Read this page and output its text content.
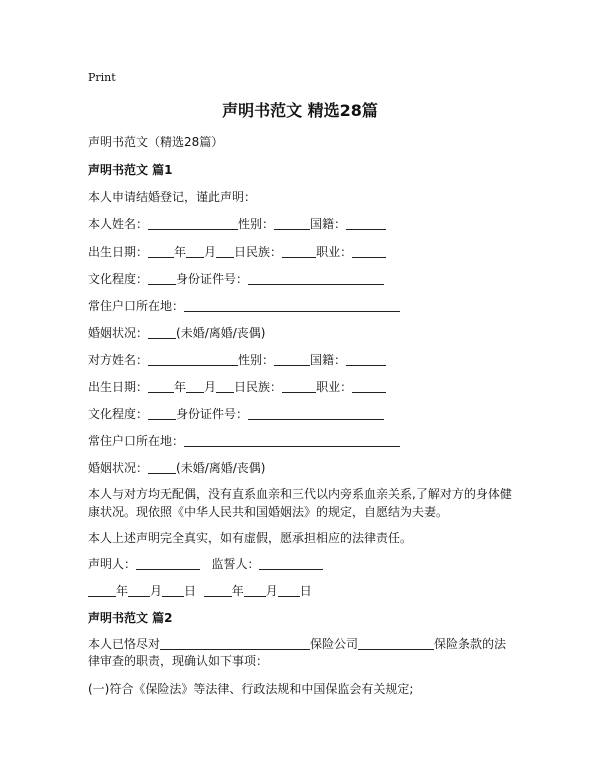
Print
声明书范文 精选28篇
声明书范文（精选28篇）
声明书范文 篇1
本人申请结婚登记，谨此声明：
本人姓名：	性别：	国籍：
出生日期： 年 月 日民族：	职业：
文化程度： 身份证件号：
常住户口所在地：
婚姻状况： (未婚/离婚/丧偶)
对方姓名：	性别：	国籍：
出生日期： 年 月 日民族：	职业：
文化程度： 身份证件号：
常住户口所在地：
婚姻状况： (未婚/离婚/丧偶)
本人与对方均无配偶，没有直系血亲和三代以内旁系血亲关系,了解对方的身体健康状况。现依照《中华人民共和国婚姻法》的规定，自愿结为夫妻。
本人上述声明完全真实，如有虚假，愿承担相应的法律责任。
声明人：	监誓人：
年 月 日	年 月 日
声明书范文 篇2
本人已恪尽对	保险公司	保险条款的法
律审查的职责，现确认如下事项：
(一)符合《保险法》等法律、行政法规和中国保监会有关规定;
